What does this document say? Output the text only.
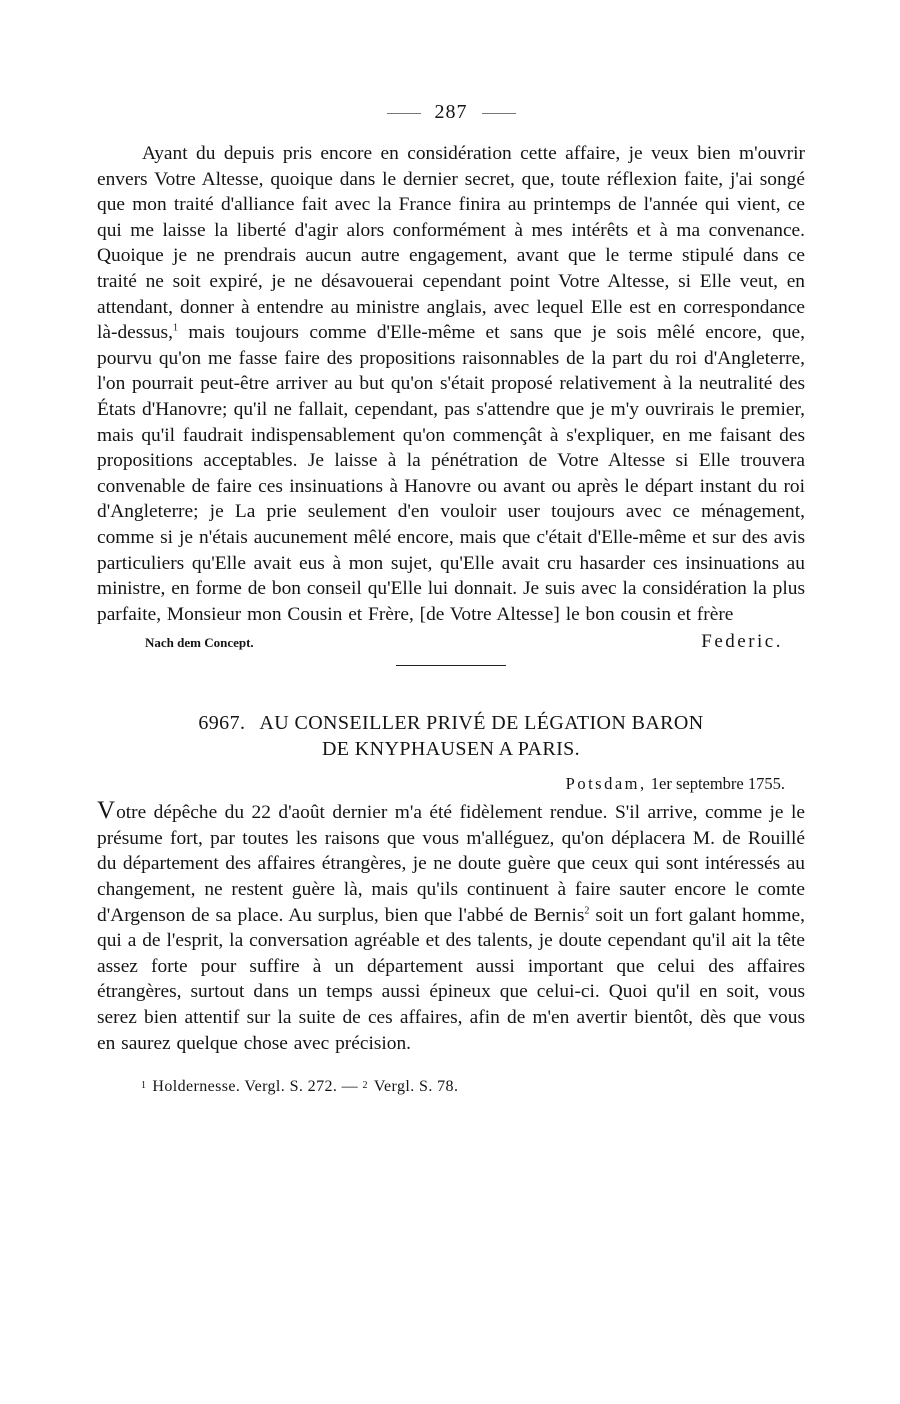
287

Ayant du depuis pris encore en considération cette affaire, je veux bien m'ouvrir envers Votre Altesse, quoique dans le dernier secret, que, toute réflexion faite, j'ai songé que mon traité d'alliance fait avec la France finira au printemps de l'année qui vient, ce qui me laisse la liberté d'agir alors conformément à mes intérêts et à ma convenance. Quoique je ne prendrais aucun autre engagement, avant que le terme stipulé dans ce traité ne soit expiré, je ne désavouerai cependant point Votre Altesse, si Elle veut, en attendant, donner à entendre au ministre anglais, avec lequel Elle est en correspondance là-dessus,$^1$ mais toujours comme d'Elle-même et sans que je sois mêlé encore, que, pourvu qu'on me fasse faire des propositions raisonnables de la part du roi d'Angleterre, l'on pourrait peut-être arriver au but qu'on s'était proposé relativement à la neutralité des États d'Hanovre; qu'il ne fallait, cependant, pas s'attendre que je m'y ouvrirais le premier, mais qu'il faudrait indispensablement qu'on commençât à s'expliquer, en me faisant des propositions acceptables. Je laisse à la pénétration de Votre Altesse si Elle trouvera convenable de faire ces insinuations à Hanovre ou avant ou après le départ instant du roi d'Angleterre; je La prie seulement d'en vouloir user toujours avec ce ménagement, comme si je n'étais aucunement mêlé encore, mais que c'était d'Elle-même et sur des avis particuliers qu'Elle avait eus à mon sujet, qu'Elle avait cru hasarder ces insinuations au ministre, en forme de bon conseil qu'Elle lui donnait. Je suis avec la considération la plus parfaite, Monsieur mon Cousin et Frère, [de Votre Altesse] le bon cousin et frère

Nach dem Concept.	Federic.
6967. AU CONSEILLER PRIVÉ DE LÉGATION BARON
DE KNYPHAUSEN A PARIS.
Potsdam, 1er septembre 1755.

Votre dépêche du 22 d'août dernier m'a été fidèlement rendue. S'il arrive, comme je le présume fort, par toutes les raisons que vous m'alléguez, qu'on déplacera M. de Rouillé du département des affaires étrangères, je ne doute guère que ceux qui sont intéressés au changement, ne restent guère là, mais qu'ils continuent à faire sauter encore le comte d'Argenson de sa place. Au surplus, bien que l'abbé de Bernis$^2$ soit un fort galant homme, qui a de l'esprit, la conversation agréable et des talents, je doute cependant qu'il ait la tête assez forte pour suffire à un département aussi important que celui des affaires étrangères, surtout dans un temps aussi épineux que celui-ci. Quoi qu'il en soit, vous serez bien attentif sur la suite de ces affaires, afin de m'en avertir bientôt, dès que vous en saurez quelque chose avec précision.

1 Holdernesse. Vergl. S. 272. — 2 Vergl. S. 78.
